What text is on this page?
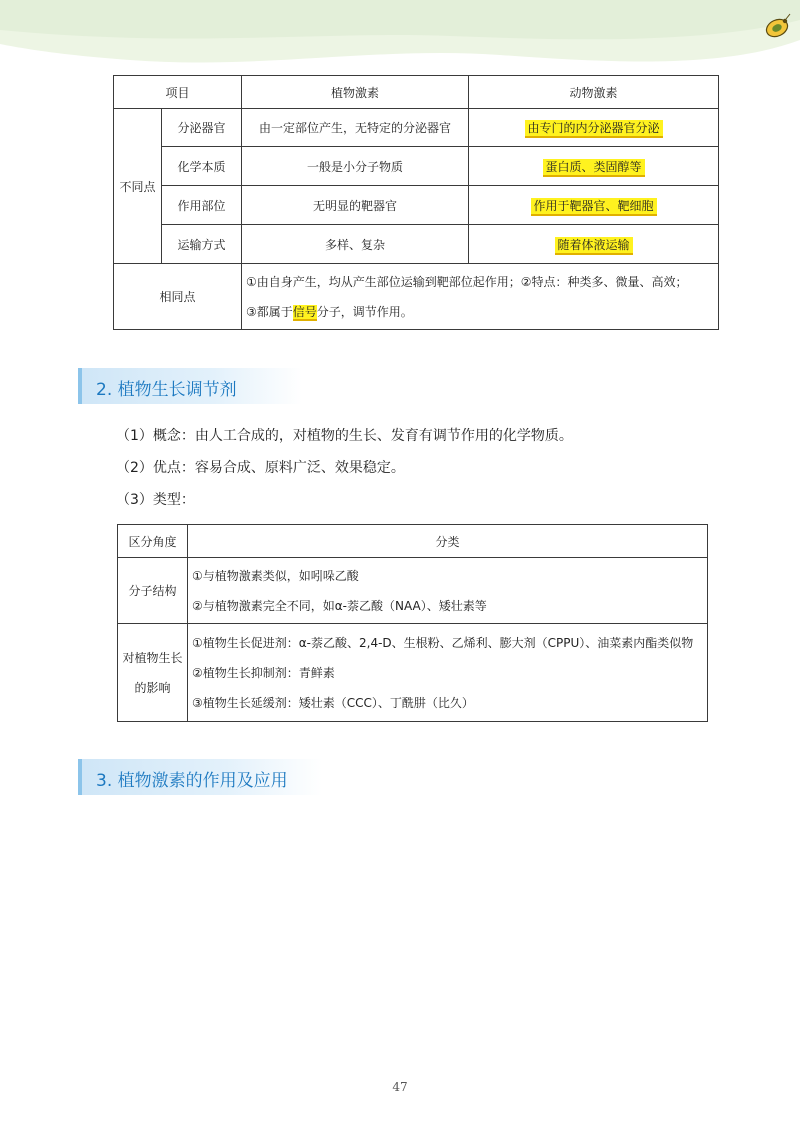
项目		植物激素	动物激素
不同点	分泌器官	由一定部位产生，无特定的分泌器官	由专门的内分泌器官分泌
	化学本质	一般是小分子物质	蛋白质、类固醇等
	作用部位	无明显的靶器官	作用于靶器官、靶细胞
	运输方式	多样、复杂	随着体液运输
相同点		①由自身产生，均从产生部位运输到靶部位起作用；②特点：种类多、微量、高效；
③都属于信号分子，调节作用。	
2. 植物生长调节剂
（1）概念：由人工合成的，对植物的生长、发育有调节作用的化学物质。
（2）优点：容易合成、原料广泛、效果稳定。
（3）类型：
区分角度	分类
分子结构	①与植物激素类似，如吲哚乙酸
②与植物激素完全不同，如α-萘乙酸（NAA）、矮壮素等

对植物生长
的影响	①植物生长促进剂：α-萘乙酸、2,4-D、生根粉、乙烯利、膨大剂（CPPU）、油菜素内酯类似物
②植物生长抑制剂：青鲜素
③植物生长延缓剂：矮壮素（CCC）、丁酰肼（比久）
3. 植物激素的作用及应用
47
